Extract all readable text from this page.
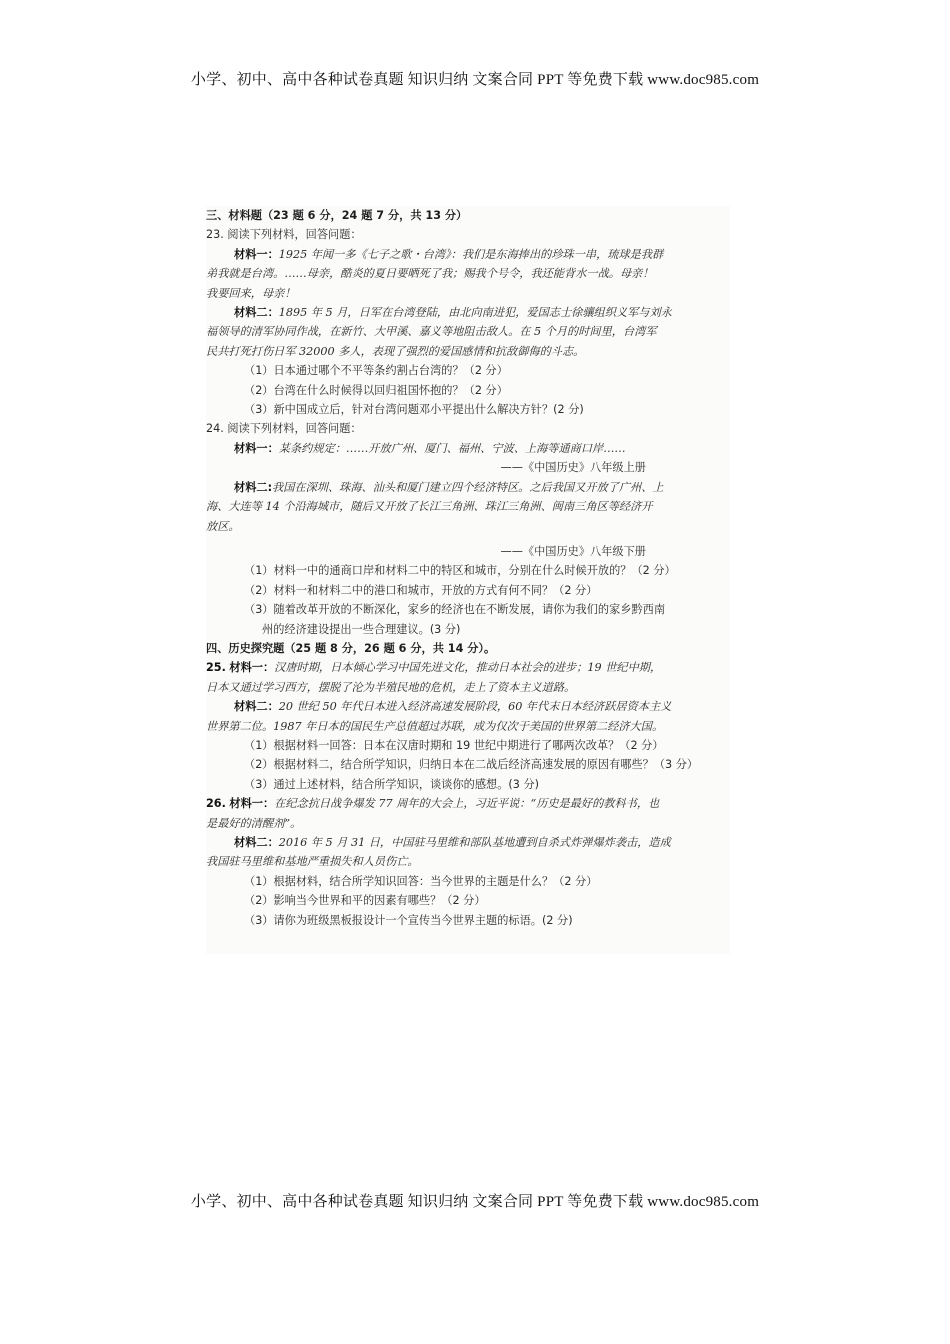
小学、初中、高中各种试卷真题 知识归纳 文案合同 PPT 等免费下载 www.doc985.com

三、材料题（23 题 6 分，24 题 7 分，共 13 分）

23. 阅读下列材料，回答问题：

材料一：1925 年闻一多《七子之歌・台湾》：我们是东海捧出的珍珠一串，琉球是我群

弟我就是台湾。……母亲，酷炎的夏日要晒死了我；赐我个号令，我还能背水一战。母亲！

我要回来，母亲！

材料二：1895 年 5 月，日军在台湾登陆，由北向南进犯，爱国志士徐骧组织义军与刘永

福领导的清军协同作战，在新竹、大甲溪、嘉义等地阻击敌人。在 5 个月的时间里，台湾军

民共打死打伤日军 32000 多人，表现了强烈的爱国感情和抗敌御侮的斗志。

（1）日本通过哪个不平等条约割占台湾的？（2 分）

（2）台湾在什么时候得以回归祖国怀抱的？（2 分）

（3）新中国成立后，针对台湾问题邓小平提出什么解决方针？(2 分)

24. 阅读下列材料，回答问题：

材料一：某条约规定：……开放广州、厦门、福州、宁波、上海等通商口岸……

——《中国历史》八年级上册

材料二:我国在深圳、珠海、汕头和厦门建立四个经济特区。之后我国又开放了广州、上

海、大连等 14 个沿海城市，随后又开放了长江三角洲、珠江三角洲、闽南三角区等经济开

放区。

——《中国历史》八年级下册

（1）材料一中的通商口岸和材料二中的特区和城市，分别在什么时候开放的？（2 分）

（2）材料一和材料二中的港口和城市，开放的方式有何不同？（2 分）

（3）随着改革开放的不断深化，家乡的经济也在不断发展，请你为我们的家乡黔西南

州的经济建设提出一些合理建议。(3 分)

四、历史探究题（25 题 8 分，26 题 6 分，共 14 分）。

25. 材料一：汉唐时期，日本倾心学习中国先进文化，推动日本社会的进步；19 世纪中期，

日本又通过学习西方，摆脱了沦为半殖民地的危机，走上了资本主义道路。

材料二：20 世纪 50 年代日本进入经济高速发展阶段，60 年代末日本经济跃居资本主义

世界第二位。1987 年日本的国民生产总值超过苏联，成为仅次于美国的世界第二经济大国。

（1）根据材料一回答：日本在汉唐时期和 19 世纪中期进行了哪两次改革？（2 分）

（2）根据材料二，结合所学知识，归纳日本在二战后经济高速发展的原因有哪些？（3 分）

（3）通过上述材料，结合所学知识，谈谈你的感想。(3 分)

26. 材料一：在纪念抗日战争爆发 77 周年的大会上，习近平说：“历史是最好的教科书，也

是最好的清醒剂”。

材料二：2016 年 5 月 31 日，中国驻马里维和部队基地遭到自杀式炸弹爆炸袭击，造成

我国驻马里维和基地严重损失和人员伤亡。

（1）根据材料，结合所学知识回答：当今世界的主题是什么？（2 分）

（2）影响当今世界和平的因素有哪些？（2 分）

（3）请你为班级黑板报设计一个宣传当今世界主题的标语。(2 分)

小学、初中、高中各种试卷真题 知识归纳 文案合同 PPT 等免费下载 www.doc985.com
